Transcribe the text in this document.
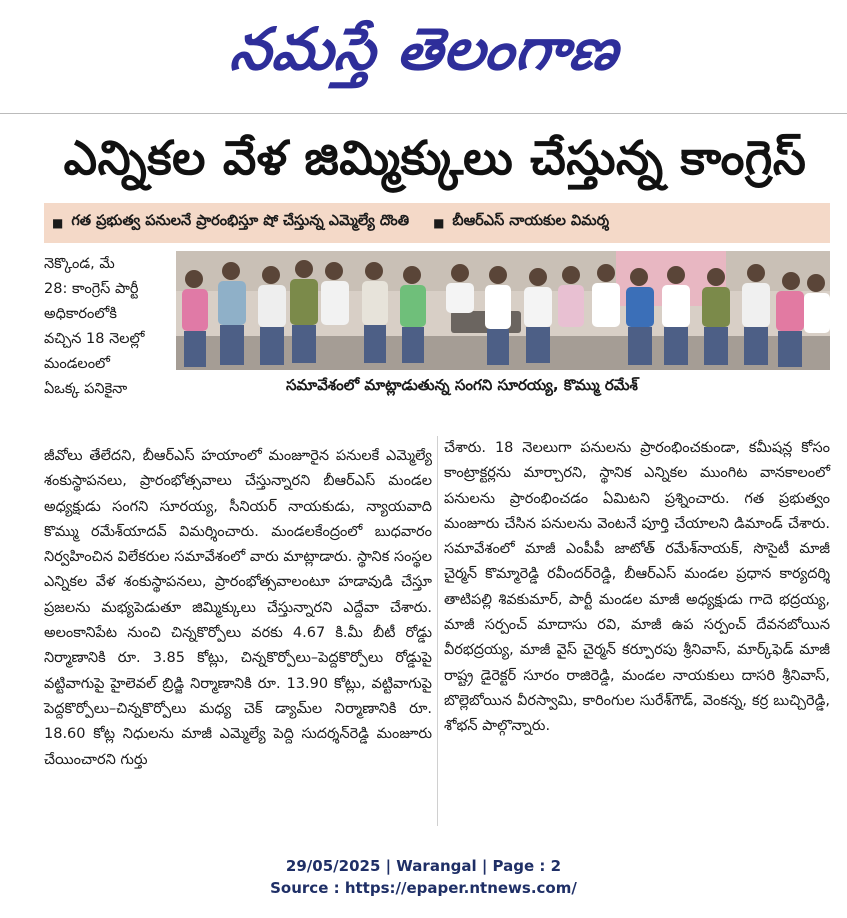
నమస్తే తెలంగాణ
ఎన్నికల వేళ జిమ్మిక్కులు చేస్తున్న కాంగ్రెస్
■ గత ప్రభుత్వ పనులనే ప్రారంభిస్తూ షో చేస్తున్న ఎమ్మెల్యే దొంతి ■ బీఆర్ఎస్ నాయకుల విమర్శ

నెక్కొండ, మే

28: కాంగ్రెస్ పార్టీ

అధికారంలోకి

వచ్చిన 18 నెలల్లో

మండలంలో

ఏఒక్క పనికైనా	సమావేశంలో మాట్లాడుతున్న సంగని సూరయ్య, కొమ్ము రమేశ్

జీవోలు తేలేదని, బీఆర్ఎస్ హయాంలో మంజూరైన పనులకే ఎమ్మెల్యే శంకుస్థాపనలు, ప్రారంభోత్సవాలు చేస్తున్నారని బీఆర్ఎస్ మండల అధ్యక్షుడు సంగని సూరయ్య, సీనియర్ నాయకుడు, న్యాయవాది కొమ్ము రమేశ్‌యాదవ్ విమర్శించారు. మండలకేంద్రంలో బుధవారం నిర్వహించిన విలేకరుల సమావేశంలో వారు మాట్లాడారు. స్థానిక సంస్థల ఎన్నికల వేళ శంకుస్థాపనలు, ప్రారంభోత్సవాలంటూ హడావుడి చేస్తూ ప్రజలను మభ్యపెడుతూ జిమ్మిక్కులు చేస్తున్నారని ఎద్దేవా చేశారు. అలంకానిపేట నుంచి చిన్నకొర్పోలు వరకు 4.67 కి.మీ బీటీ రోడ్డు నిర్మాణానికి రూ. 3.85 కోట్లు, చిన్నకొర్పోలు–పెద్దకొర్పోలు రోడ్డుపై వట్టివాగుపై హైలెవల్ బ్రిడ్జి నిర్మాణానికి రూ. 13.90 కోట్లు, వట్టివాగుపై పెద్దకొర్పోలు–చిన్నకొర్పోలు మధ్య చెక్ డ్యామ్‌ల నిర్మాణానికి రూ. 18.60 కోట్ల నిధులను మాజీ ఎమ్మెల్యే పెద్ది సుదర్శన్‌రెడ్డి మంజూరు చేయించారని గుర్తు

చేశారు. 18 నెలలుగా పనులను ప్రారంభించకుండా, కమీషన్ల కోసం కాంట్రాక్టర్లను మార్చారని, స్థానిక ఎన్నికల ముంగిట వానకాలంలో పనులను ప్రారంభించడం ఏమిటని ప్రశ్నించారు. గత ప్రభుత్వం మంజూరు చేసిన పనులను వెంటనే పూర్తి చేయాలని డిమాండ్ చేశారు. సమావేశంలో మాజీ ఎంపీపీ జాటోత్ రమేశ్‌నాయక్, సొసైటీ మాజీ చైర్మన్ కొమ్మారెడ్డి రవీందర్‌రెడ్డి, బీఆర్ఎస్ మండల ప్రధాన కార్యదర్శి తాటిపల్లి శివకుమార్, పార్టీ మండల మాజీ అధ్యక్షుడు గాదె భద్రయ్య, మాజీ సర్పంచ్ మాదాసు రవి, మాజీ ఉప సర్పంచ్ దేవనబోయిన వీరభద్రయ్య, మాజీ వైస్ చైర్మన్ కర్పూరపు శ్రీనివాస్, మార్క్‌ఫెడ్ మాజీ రాష్ట్ర డైరెక్టర్ సూరం రాజిరెడ్డి, మండల నాయకులు దాసరి శ్రీనివాస్, బొల్లెబోయిన వీరస్వామి, కారింగుల సురేశ్‌గౌడ్, వెంకన్న, కర్ర బుచ్చిరెడ్డి, శోభన్ పాల్గొన్నారు.

29/05/2025 | Warangal | Page : 2
Source : https://epaper.ntnews.com/
